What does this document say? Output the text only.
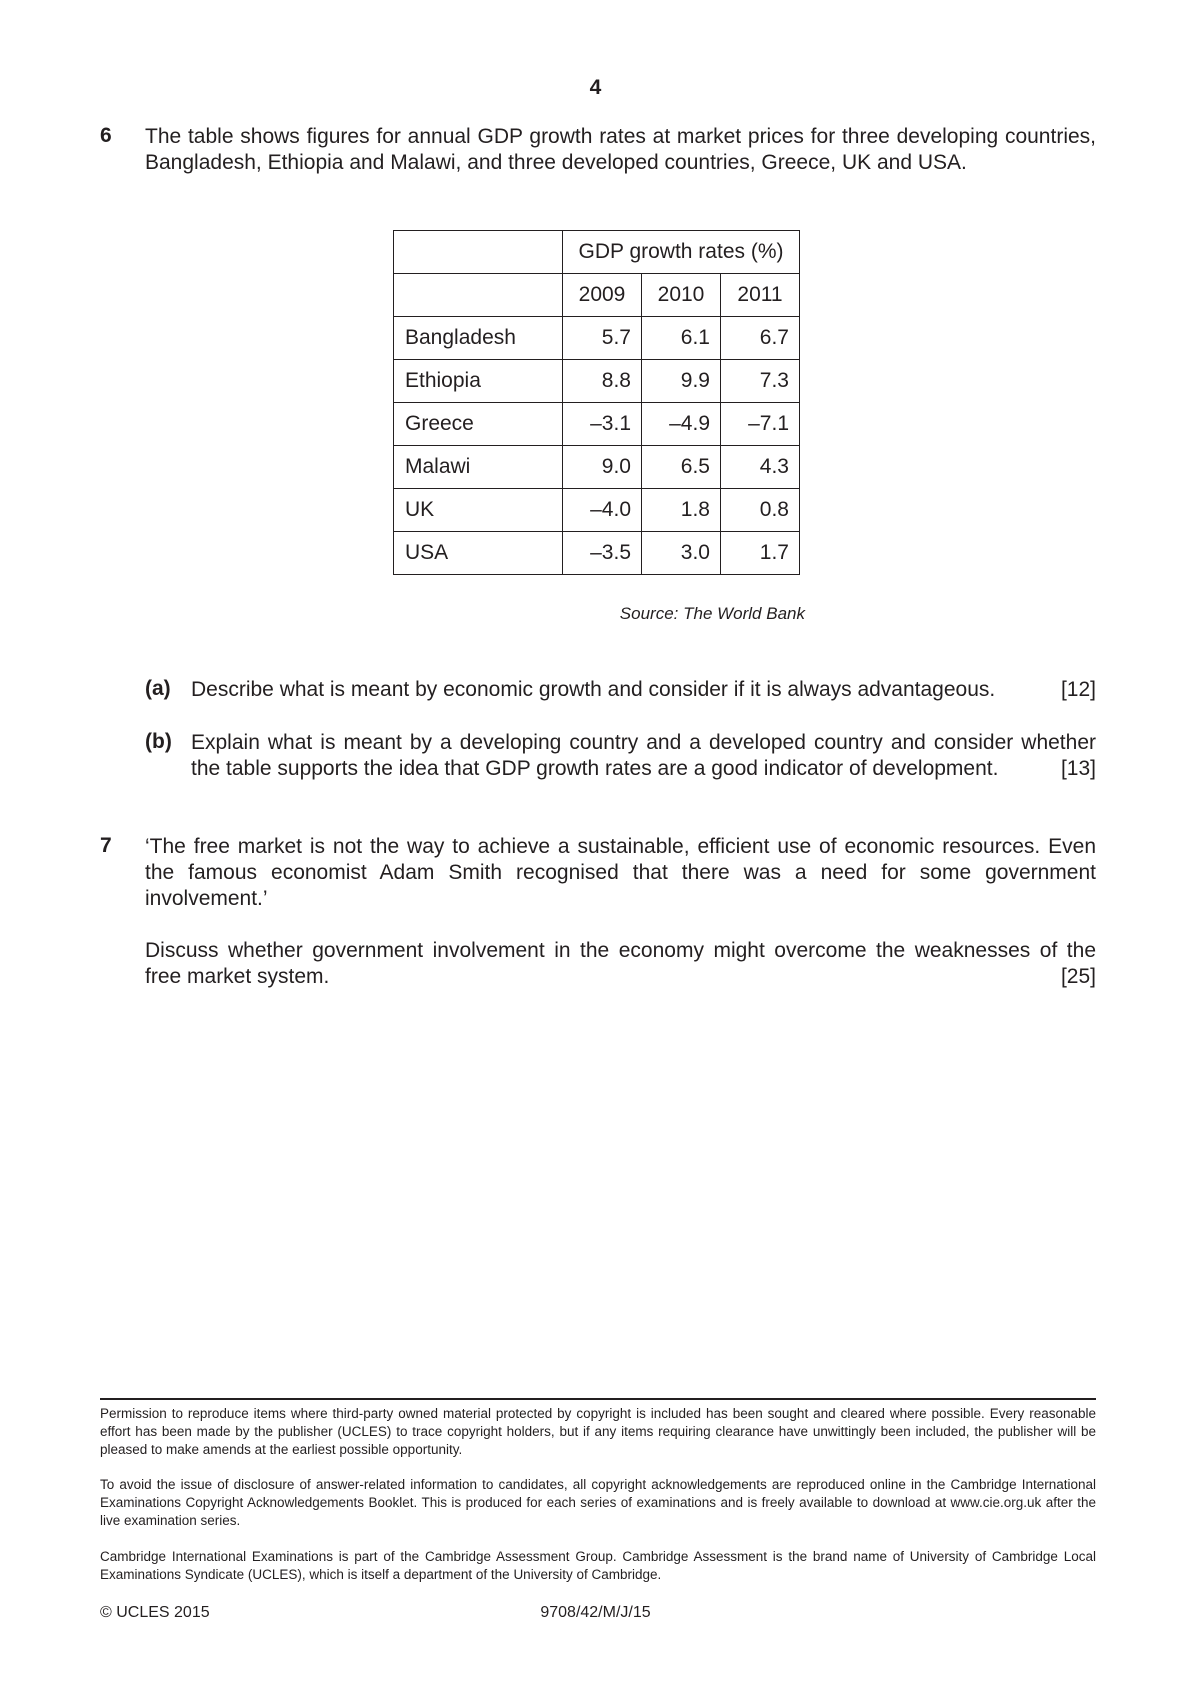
4
6 The table shows figures for annual GDP growth rates at market prices for three developing countries, Bangladesh, Ethiopia and Malawi, and three developed countries, Greece, UK and USA.
	GDP growth rates (%)		
	2009	2010	2011
Bangladesh	5.7	6.1	6.7
Ethiopia	8.8	9.9	7.3
Greece	–3.1	–4.9	–7.1
Malawi	9.0	6.5	4.3
UK	–4.0	1.8	0.8
USA	–3.5	3.0	1.7
Source: The World Bank
(a) Describe what is meant by economic growth and consider if it is always advantageous.	[12]
(b) Explain what is meant by a developing country and a developed country and consider whether
the table supports the idea that GDP growth rates are a good indicator of development.	[13]
7 ‘The free market is not the way to achieve a sustainable, efficient use of economic resources. Even the famous economist Adam Smith recognised that there was a need for some government involvement.’
Discuss whether government involvement in the economy might overcome the weaknesses of the
free market system.	[25]
Permission to reproduce items where third-party owned material protected by copyright is included has been sought and cleared where possible. Every reasonable effort has been made by the publisher (UCLES) to trace copyright holders, but if any items requiring clearance have unwittingly been included, the publisher will be pleased to make amends at the earliest possible opportunity.
To avoid the issue of disclosure of answer-related information to candidates, all copyright acknowledgements are reproduced online in the Cambridge International Examinations Copyright Acknowledgements Booklet. This is produced for each series of examinations and is freely available to download at www.cie.org.uk after the live examination series.
Cambridge International Examinations is part of the Cambridge Assessment Group. Cambridge Assessment is the brand name of University of Cambridge Local Examinations Syndicate (UCLES), which is itself a department of the University of Cambridge.
© UCLES 2015	9708/42/M/J/15
